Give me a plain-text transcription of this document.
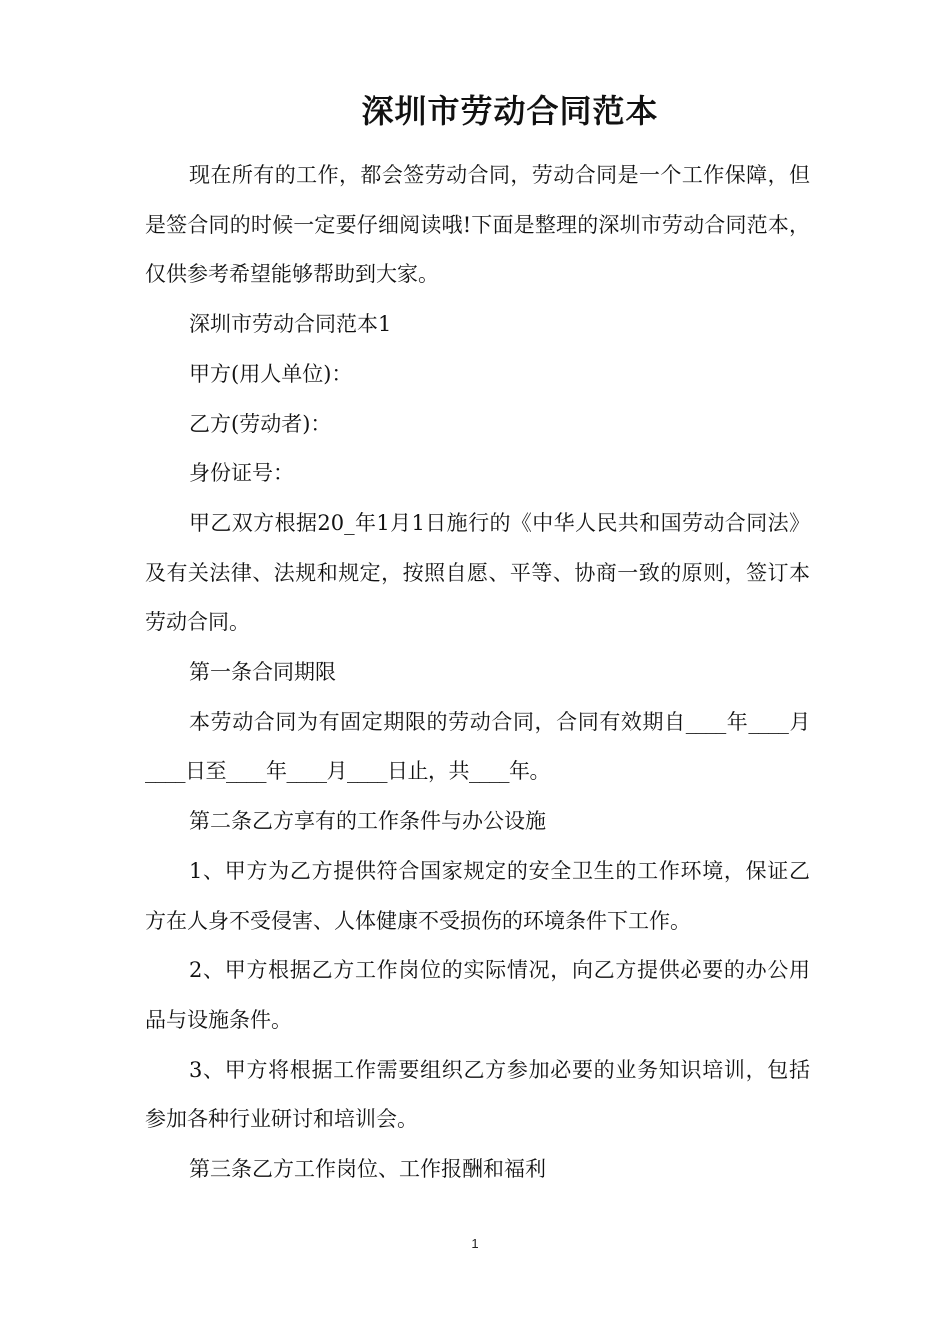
深圳市劳动合同范本

现在所有的工作，都会签劳动合同，劳动合同是一个工作保障，但是签合同的时候一定要仔细阅读哦!下面是整理的深圳市劳动合同范本，仅供参考希望能够帮助到大家。

深圳市劳动合同范本1

甲方(用人单位)：

乙方(劳动者)：

身份证号：

甲乙双方根据20_年1月1日施行的《中华人民共和国劳动合同法》及有关法律、法规和规定，按照自愿、平等、协商一致的原则，签订本劳动合同。

第一条合同期限

本劳动合同为有固定期限的劳动合同，合同有效期自____年____月____日至____年____月____日止，共____年。

第二条乙方享有的工作条件与办公设施

1、甲方为乙方提供符合国家规定的安全卫生的工作环境，保证乙方在人身不受侵害、人体健康不受损伤的环境条件下工作。

2、甲方根据乙方工作岗位的实际情况，向乙方提供必要的办公用品与设施条件。

3、甲方将根据工作需要组织乙方参加必要的业务知识培训，包括参加各种行业研讨和培训会。

第三条乙方工作岗位、工作报酬和福利

1
